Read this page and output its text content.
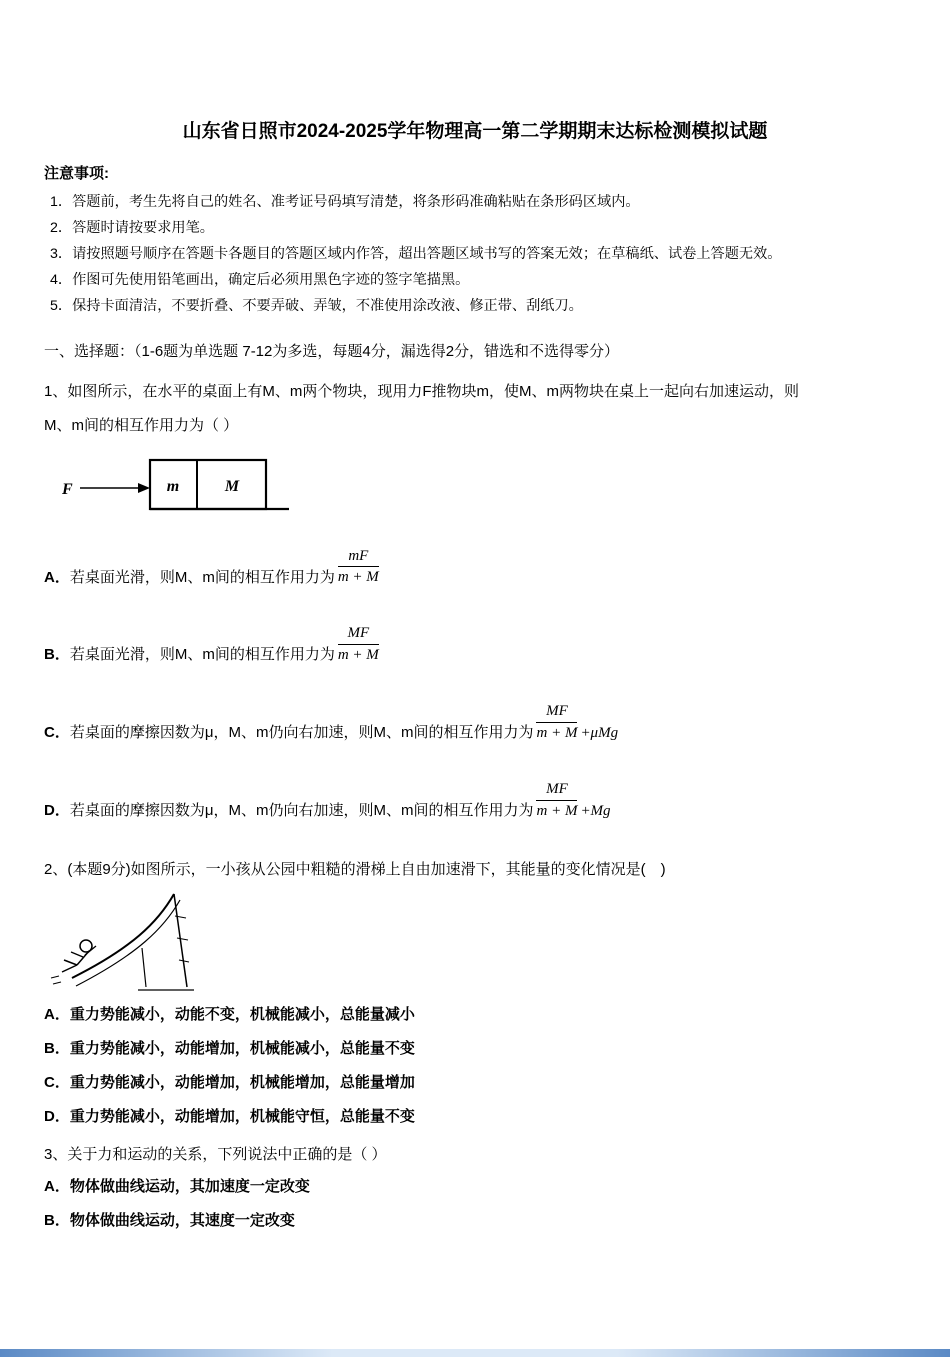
山东省日照市2024-2025学年物理高一第二学期期末达标检测模拟试题
注意事项:
1．答题前，考生先将自己的姓名、准考证号码填写清楚，将条形码准确粘贴在条形码区域内。
2．答题时请按要求用笔。
3．请按照题号顺序在答题卡各题目的答题区域内作答，超出答题区域书写的答案无效；在草稿纸、试卷上答题无效。
4．作图可先使用铅笔画出，确定后必须用黑色字迹的签字笔描黑。
5．保持卡面清洁，不要折叠、不要弄破、弄皱，不准使用涂改液、修正带、刮纸刀。
一、选择题：（1-6题为单选题 7-12为多选，每题4分，漏选得2分，错选和不选得零分）
1、如图所示，在水平的桌面上有M、m两个物块，现用力F推物块m，使M、m两物块在桌上一起向右加速运动，则
M、m间的相互作用力为（ ）
F	m	M
A．若桌面光滑，则M、m间的相互作用力为 $\frac{mF}{m + M}$
B．若桌面光滑，则M、m间的相互作用力为 $\frac{MF}{m + M}$
C．若桌面的摩擦因数为μ，M、m仍向右加速，则M、m间的相互作用力为 $\frac{MF}{m + M} +\mu Mg$
D．若桌面的摩擦因数为μ，M、m仍向右加速，则M、m间的相互作用力为 $\frac{MF}{m + M} +Mg$
2、(本题9分)如图所示，一小孩从公园中粗糙的滑梯上自由加速滑下，其能量的变化情况是(　)
A．重力势能减小，动能不变，机械能减小，总能量减小
B．重力势能减小，动能增加，机械能减小，总能量不变
C．重力势能减小，动能增加，机械能增加，总能量增加
D．重力势能减小，动能增加，机械能守恒，总能量不变
3、关于力和运动的关系，下列说法中正确的是（ ）
A．物体做曲线运动，其加速度一定改变
B．物体做曲线运动，其速度一定改变
